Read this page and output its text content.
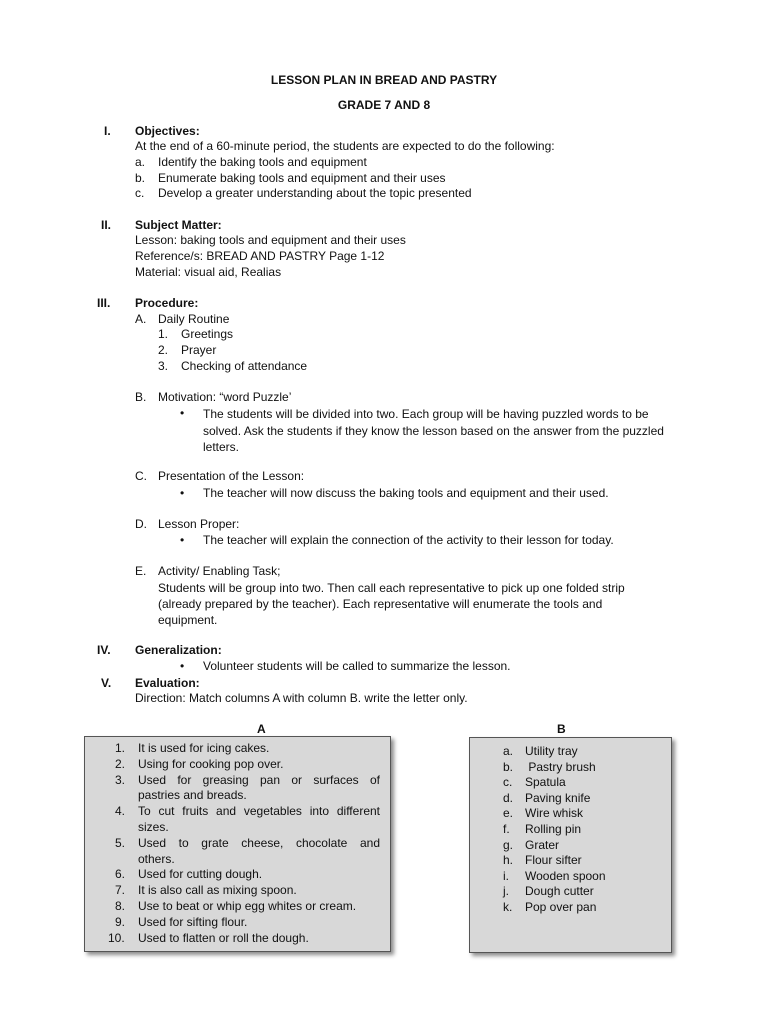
LESSON PLAN IN BREAD AND PASTRY
GRADE 7 AND 8
I. Objectives:
At the end of a 60-minute period, the students are expected to do the following:
a. Identify the baking tools and equipment
b. Enumerate baking tools and equipment and their uses
c. Develop a greater understanding about the topic presented
II. Subject Matter:
Lesson: baking tools and equipment and their uses
Reference/s: BREAD AND PASTRY Page 1-12
Material: visual aid, Realias
III. Procedure:
A. Daily Routine
1. Greetings
2. Prayer
3. Checking of attendance
B. Motivation: “word Puzzle’
• The students will be divided into two. Each group will be having puzzled words to be solved. Ask the students if they know the lesson based on the answer from the puzzled letters.
C. Presentation of the Lesson:
• The teacher will now discuss the baking tools and equipment and their used.
D. Lesson Proper:
• The teacher will explain the connection of the activity to their lesson for today.
E. Activity/ Enabling Task;
Students will be group into two. Then call each representative to pick up one folded strip (already prepared by the teacher). Each representative will enumerate the tools and equipment.
IV. Generalization:
• Volunteer students will be called to summarize the lesson.
V. Evaluation:
Direction: Match columns A with column B. write the letter only.
A	B
1. It is used for icing cakes.
2. Using for cooking pop over.
3. Used  for  greasing  pan  or  surfaces  of
pastries and breads.
4. To cut fruits and vegetables into different
sizes.
5. Used  to  grate  cheese,  chocolate  and
others.
6. Used for cutting dough.
7. It is also call as mixing spoon.
8. Use to beat or whip egg whites or cream.
9. Used for sifting flour.
10. Used to flatten or roll the dough.
a. Utility tray
b. Pastry brush
c. Spatula
d. Paving knife
e. Wire whisk
f. Rolling pin
g. Grater
h. Flour sifter
i. Wooden spoon
j. Dough cutter
k. Pop over pan
